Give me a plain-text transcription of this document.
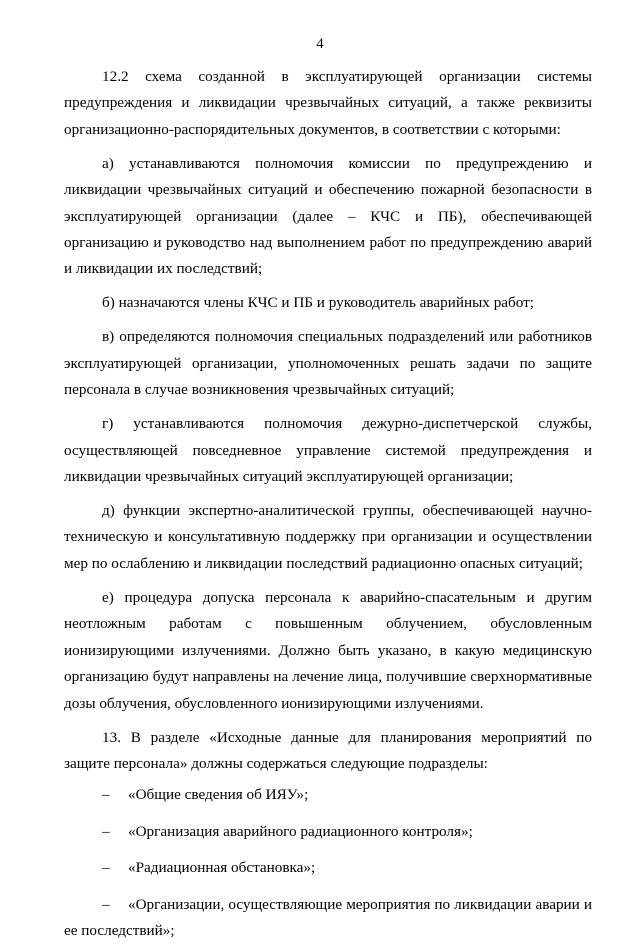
4

12.2 схема созданной в эксплуатирующей организации системы предупреждения и ликвидации чрезвычайных ситуаций, а также реквизиты организационно-распорядительных документов, в соответствии с которыми:

а) устанавливаются полномочия комиссии по предупреждению и ликвидации чрезвычайных ситуаций и обеспечению пожарной безопасности в эксплуатирующей организации (далее – КЧС и ПБ), обеспечивающей организацию и руководство над выполнением работ по предупреждению аварий и ликвидации их последствий;

б) назначаются члены КЧС и ПБ и руководитель аварийных работ;

в) определяются полномочия специальных подразделений или работников эксплуатирующей организации, уполномоченных решать задачи по защите персонала в случае возникновения чрезвычайных ситуаций;

г) устанавливаются полномочия дежурно-диспетчерской службы, осуществляющей повседневное управление системой предупреждения и ликвидации чрезвычайных ситуаций эксплуатирующей организации;

д) функции экспертно-аналитической группы, обеспечивающей научно-техническую и консультативную поддержку при организации и осуществлении мер по ослаблению и ликвидации последствий радиационно опасных ситуаций;

е) процедура допуска персонала к аварийно-спасательным и другим неотложным работам с повышенным облучением, обусловленным ионизирующими излучениями. Должно быть указано, в какую медицинскую организацию будут направлены на лечение лица, получившие сверхнормативные дозы облучения, обусловленного ионизирующими излучениями.

13. В разделе «Исходные данные для планирования мероприятий по защите персонала» должны содержаться следующие подразделы:

– «Общие сведения об ИЯУ»;

– «Организация аварийного радиационного контроля»;

– «Радиационная обстановка»;

– «Организации, осуществляющие мероприятия по ликвидации аварии и ее последствий»;
